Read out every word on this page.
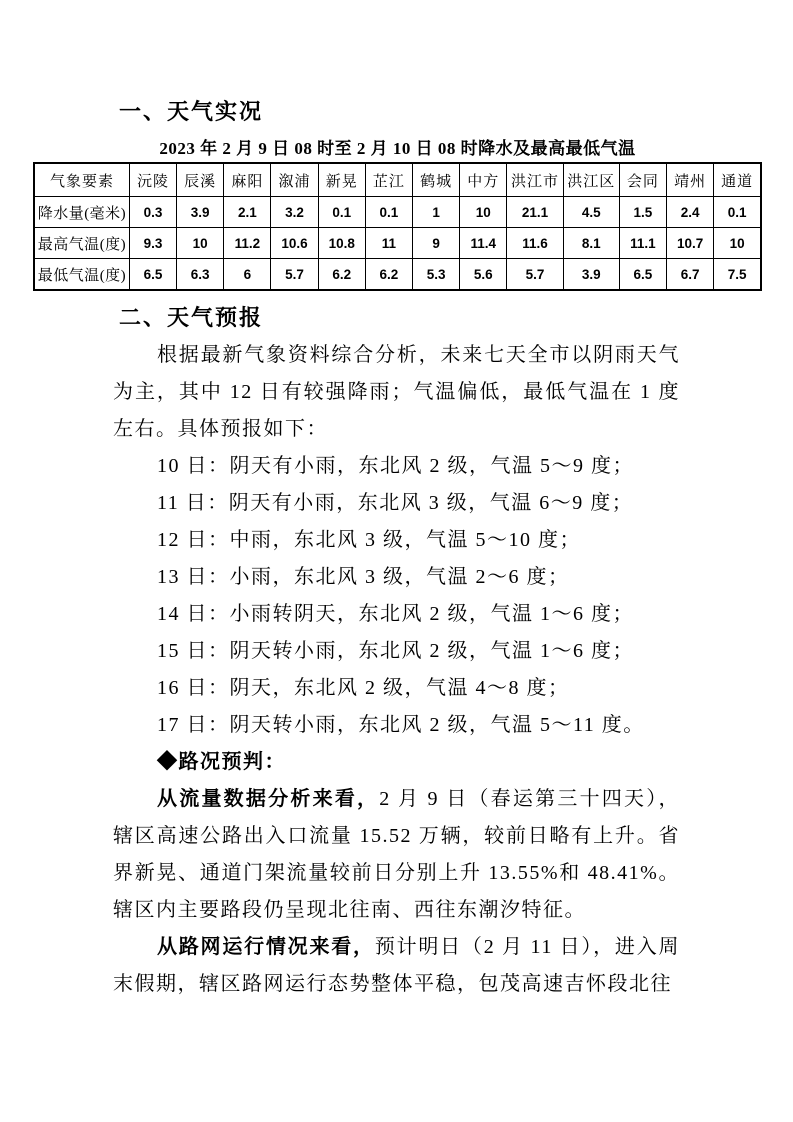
一、天气实况
2023 年 2 月 9 日 08 时至 2 月 10 日 08 时降水及最高最低气温
气象要素	沅陵	辰溪	麻阳	溆浦	新晃	芷江	鹤城	中方	洪江市	洪江区	会同	靖州	通道
降水量(毫米)	0.3	3.9	2.1	3.2	0.1	0.1	1	10	21.1	4.5	1.5	2.4	0.1
最高气温(度)	9.3	10	11.2	10.6	10.8	11	9	11.4	11.6	8.1	11.1	10.7	10
最低气温(度)	6.5	6.3	6	5.7	6.2	6.2	5.3	5.6	5.7	3.9	6.5	6.7	7.5
二、天气预报

根据最新气象资料综合分析，未来七天全市以阴雨天气为主，其中 12 日有较强降雨；气温偏低，最低气温在 1 度左右。具体预报如下：

10 日：阴天有小雨，东北风 2 级，气温 5～9 度；

11 日：阴天有小雨，东北风 3 级，气温 6～9 度；

12 日：中雨，东北风 3 级，气温 5～10 度；

13 日：小雨，东北风 3 级，气温 2～6 度；

14 日：小雨转阴天，东北风 2 级，气温 1～6 度；

15 日：阴天转小雨，东北风 2 级，气温 1～6 度；

16 日：阴天，东北风 2 级，气温 4～8 度；

17 日：阴天转小雨，东北风 2 级，气温 5～11 度。

◆路况预判：

从流量数据分析来看，2 月 9 日（春运第三十四天），辖区高速公路出入口流量 15.52 万辆，较前日略有上升。省界新晃、通道门架流量较前日分别上升 13.55%和 48.41%。辖区内主要路段仍呈现北往南、西往东潮汐特征。

从路网运行情况来看，预计明日（2 月 11 日），进入周末假期，辖区路网运行态势整体平稳，包茂高速吉怀段北往
